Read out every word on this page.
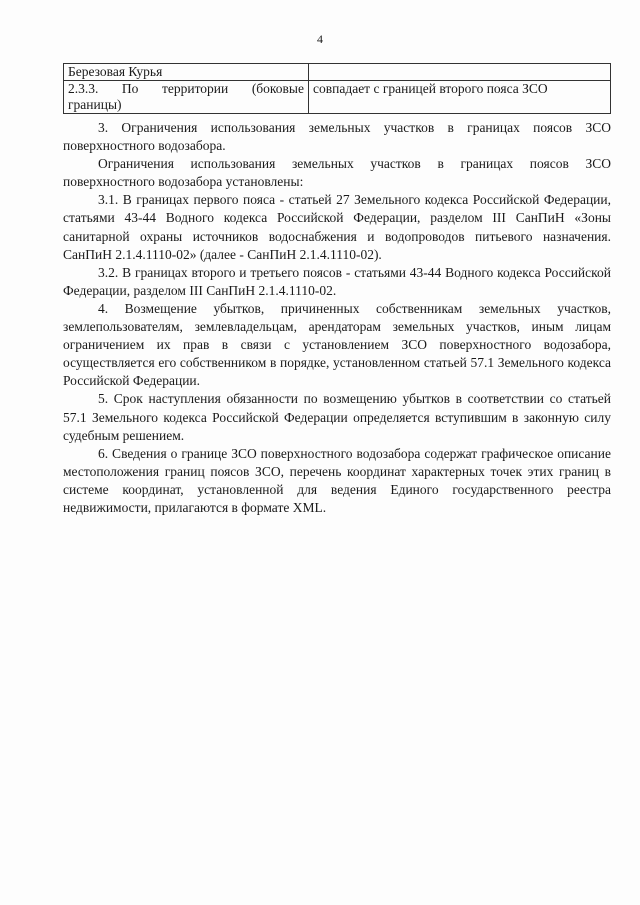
4
Березовая Курья	

2.3.3. По территории (боковые
границы)	совпадает с границей второго пояса ЗСО

3. Ограничения использования земельных участков в границах поясов ЗСО поверхностного водозабора.

Ограничения использования земельных участков в границах поясов ЗСО поверхностного водозабора установлены:

3.1. В границах первого пояса - статьей 27 Земельного кодекса Российской Федерации, статьями 43-44 Водного кодекса Российской Федерации, разделом III СанПиН «Зоны санитарной охраны источников водоснабжения и водопроводов питьевого назначения. СанПиН 2.1.4.1110-02» (далее - СанПиН 2.1.4.1110-02).

3.2. В границах второго и третьего поясов - статьями 43-44 Водного кодекса Российской Федерации, разделом III СанПиН 2.1.4.1110-02.

4. Возмещение убытков, причиненных собственникам земельных участков, землепользователям, землевладельцам, арендаторам земельных участков, иным лицам ограничением их прав в связи с установлением ЗСО поверхностного водозабора, осуществляется его собственником в порядке, установленном статьей 57.1 Земельного кодекса Российской Федерации.

5. Срок наступления обязанности по возмещению убытков в соответствии со статьей 57.1 Земельного кодекса Российской Федерации определяется вступившим в законную силу судебным решением.

6. Сведения о границе ЗСО поверхностного водозабора содержат графическое описание местоположения границ поясов ЗСО, перечень координат характерных точек этих границ в системе координат, установленной для ведения Единого государственного реестра недвижимости, прилагаются в формате XML.
